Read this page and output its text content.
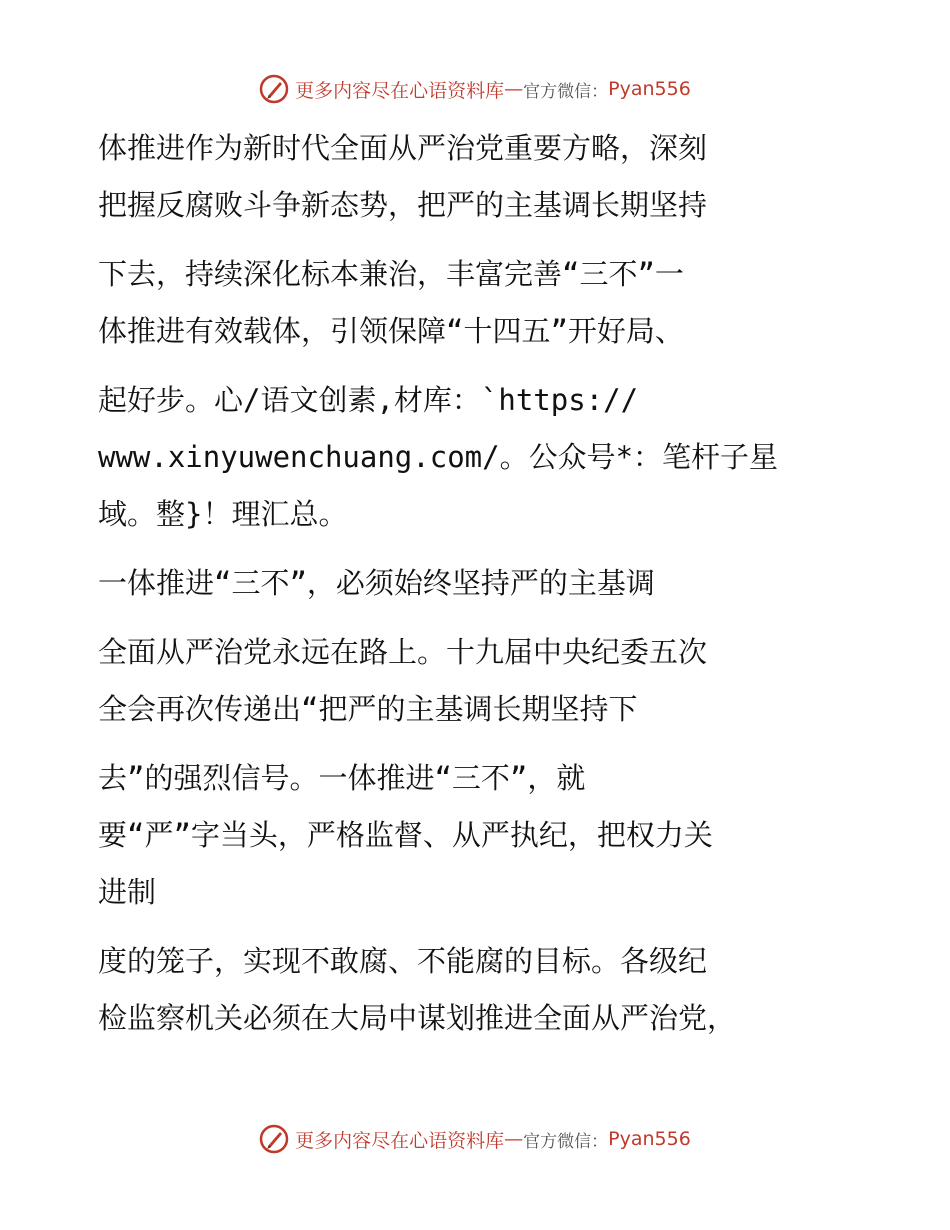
更多内容尽在心语资料库 — 官方微信： Pyan556
体推进作为新时代全面从严治党重要方略，深刻
把握反腐败斗争新态势，把严的主基调长期坚持
下去，持续深化标本兼治，丰富完善“三不”一
体推进有效载体，引领保障“十四五”开好局、
起好步。心/语文创素,材库：`https://
www.xinyuwenchuang.com/。公众号*：笔杆子星
域。整}！理汇总。
一体推进“三不”，必须始终坚持严的主基调
全面从严治党永远在路上。十九届中央纪委五次
全会再次传递出“把严的主基调长期坚持下
去”的强烈信号。一体推进“三不”，就
要“严”字当头，严格监督、从严执纪，把权力关
进制
度的笼子，实现不敢腐、不能腐的目标。各级纪
检监察机关必须在大局中谋划推进全面从严治党，
更多内容尽在心语资料库 — 官方微信： Pyan556
